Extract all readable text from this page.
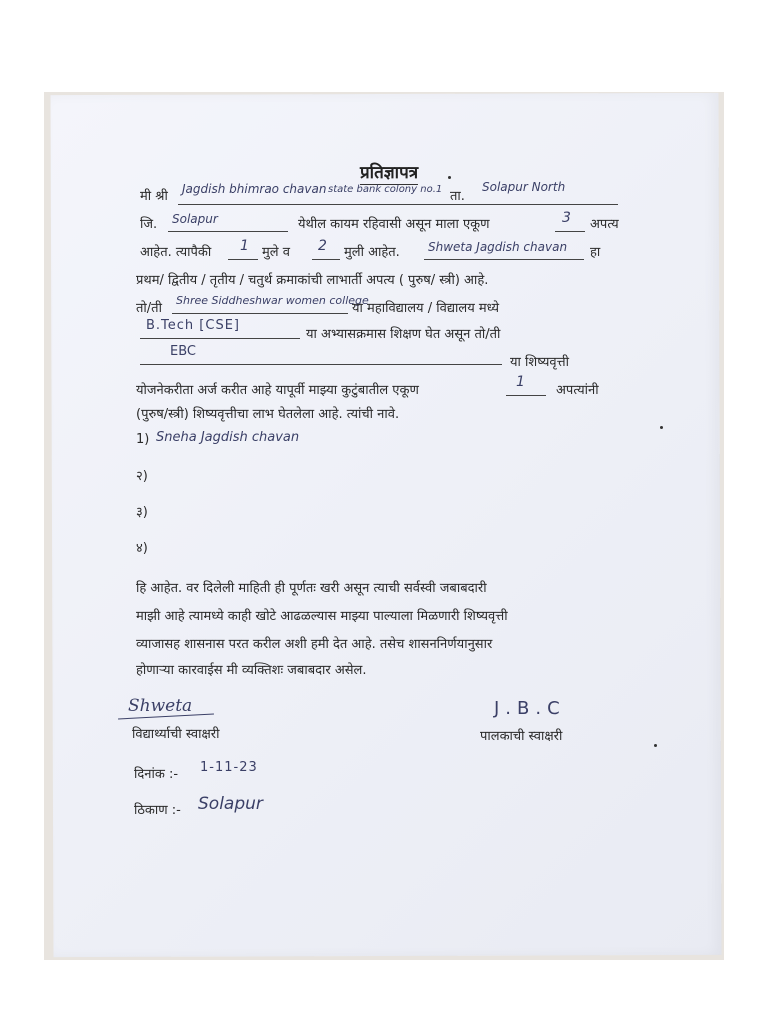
प्रतिज्ञापत्र
मी श्री Jagdish bhimrao chavan state bank colony no.1 ता.
Solapur North
जि. Solapur	येथील कायम रहिवासी असून माला एकूण	3 अपत्य
आहेत. त्यापैकी 1 मुले व 2 मुली आहेत. Shweta Jagdish chavan हा
प्रथम/ द्वितीय / तृतीय / चतुर्थ क्रमाकांची लाभार्ती अपत्य ( पुरुष/ स्त्री) आहे.
तो/ती
Shree Siddheshwar women college
या महाविद्यालय / विद्यालय मध्ये
B.Tech [CSE]
या अभ्यासक्रमास शिक्षण घेत असून तो/ती
EBC
या शिष्यवृत्ती
योजनेकरीता अर्ज करीत आहे यापूर्वी माझ्या कुटुंबातील एकूण
1
अपत्यांनी
(पुरुष/स्त्री) शिष्यवृत्तीचा लाभ घेतलेला आहे. त्यांची नावे.
1) Sneha Jagdish chavan
२)
३)
४)
हि आहेत. वर दिलेली माहिती ही पूर्णतः खरी असून त्याची सर्वस्वी जबाबदारी
माझी आहे त्यामध्ये काही खोटे आढळल्यास माझ्या पाल्याला मिळणारी शिष्यवृत्ती
व्याजासह शासनास परत करील अशी हमी देत आहे. तसेच शासननिर्णयानुसार
होणाऱ्या कारवाईस मी व्यक्तिशः जबाबदार असेल.
Shweta
विद्यार्थ्याची स्वाक्षरी
J.B.C
पालकाची स्वाक्षरी
दिनांक :- 1-11-23
ठिकाण :- Solapur
